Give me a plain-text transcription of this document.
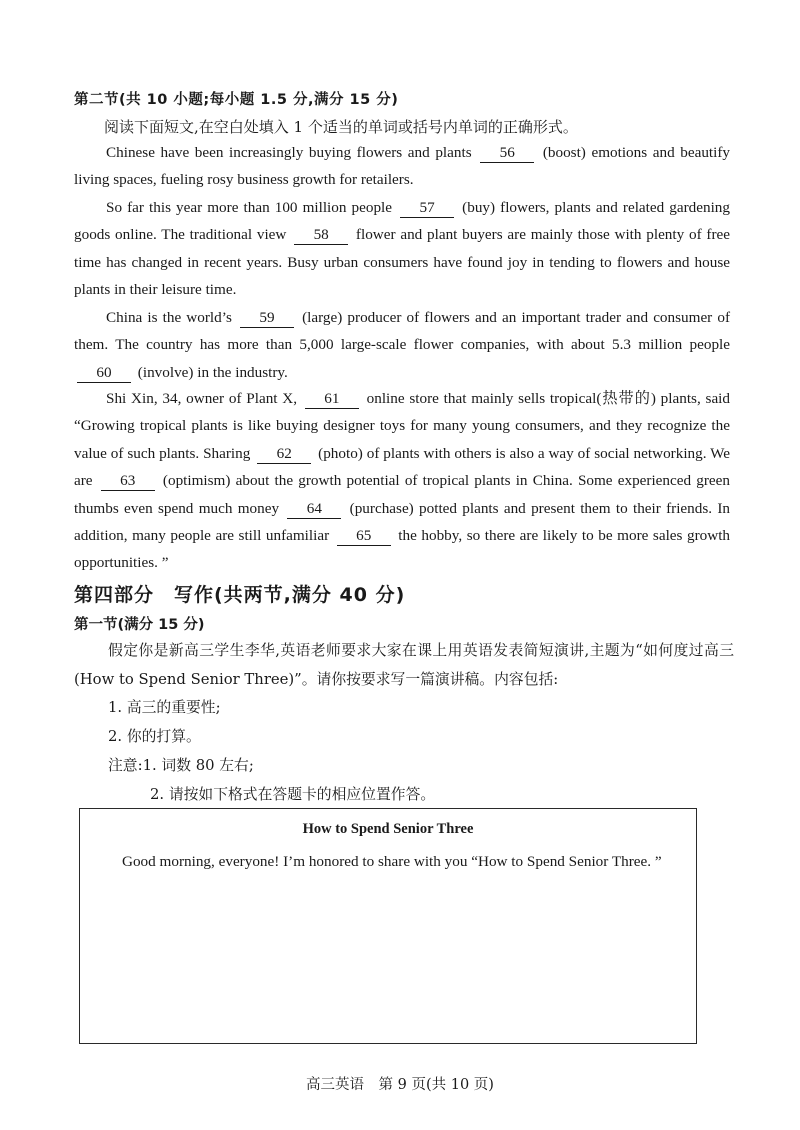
第二节(共 10 小题;每小题 1.5 分,满分 15 分)
阅读下面短文,在空白处填入 1 个适当的单词或括号内单词的正确形式。
Chinese have been increasingly buying flowers and plants 56 (boost) emotions and beautify living spaces, fueling rosy business growth for retailers.
So far this year more than 100 million people 57 (buy) flowers, plants and related gardening goods online. The traditional view 58 flower and plant buyers are mainly those with plenty of free time has changed in recent years. Busy urban consumers have found joy in tending to flowers and house plants in their leisure time.
China is the world’s 59 (large) producer of flowers and an important trader and consumer of them. The country has more than 5,000 large-scale flower companies, with about 5.3 million people 60 (involve) in the industry.
Shi Xin, 34, owner of Plant X, 61 online store that mainly sells tropical(热带的) plants, said “Growing tropical plants is like buying designer toys for many young consumers, and they recognize the value of such plants. Sharing 62 (photo) of plants with others is also a way of social networking. We are 63 (optimism) about the growth potential of tropical plants in China. Some experienced green thumbs even spend much money 64 (purchase) potted plants and present them to their friends. In addition, many people are still unfamiliar 65 the hobby, so there are likely to be more sales growth opportunities. ”
第四部分　写作(共两节,满分 40 分)
第一节(满分 15 分)
假定你是新高三学生李华,英语老师要求大家在课上用英语发表简短演讲,主题为“如何度过高三(How to Spend Senior Three)”。请你按要求写一篇演讲稿。内容包括:
1. 高三的重要性;
2. 你的打算。
注意:1. 词数 80 左右;
2. 请按如下格式在答题卡的相应位置作答。
How to Spend Senior Three
Good morning, everyone! I’m honored to share with you “How to Spend Senior Three. ”
高三英语　第 9 页(共 10 页)
